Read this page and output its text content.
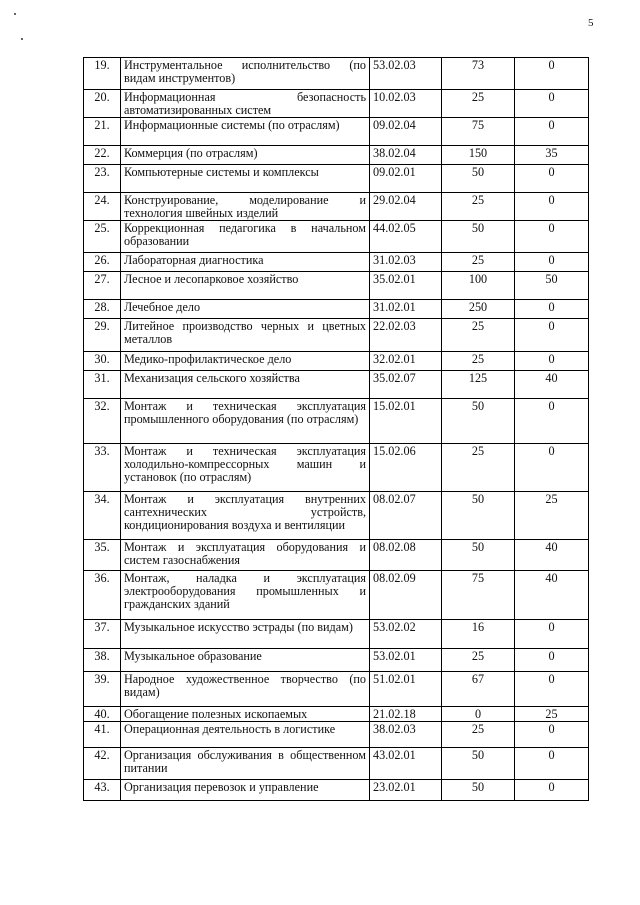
5
19.	Инструментальное исполнительство (по видам инструментов)	53.02.03	73	0
20.	Информационная безопасность автоматизированных систем	10.02.03	25	0
21.	Информационные системы (по отраслям)	09.02.04	75	0
22.	Коммерция (по отраслям)	38.02.04	150	35
23.	Компьютерные системы и комплексы	09.02.01	50	0
24.	Конструирование, моделирование и технология швейных изделий	29.02.04	25	0
25.	Коррекционная педагогика в начальном образовании	44.02.05	50	0
26.	Лабораторная диагностика	31.02.03	25	0
27.	Лесное и лесопарковое хозяйство	35.02.01	100	50
28.	Лечебное дело	31.02.01	250	0
29.	Литейное производство черных и цветных металлов	22.02.03	25	0
30.	Медико-профилактическое дело	32.02.01	25	0
31.	Механизация сельского хозяйства	35.02.07	125	40
32.	Монтаж и техническая эксплуатация промышленного оборудования (по отраслям)	15.02.01	50	0
33.	Монтаж и техническая эксплуатация холодильно-компрессорных машин и установок (по отраслям)	15.02.06	25	0
34.	Монтаж и эксплуатация внутренних сантехнических устройств, кондиционирования воздуха и вентиляции	08.02.07	50	25
35.	Монтаж и эксплуатация оборудования и систем газоснабжения	08.02.08	50	40
36.	Монтаж, наладка и эксплуатация электрооборудования промышленных и гражданских зданий	08.02.09	75	40
37.	Музыкальное искусство эстрады (по видам)	53.02.02	16	0
38.	Музыкальное образование	53.02.01	25	0
39.	Народное художественное творчество (по видам)	51.02.01	67	0
40.	Обогащение полезных ископаемых	21.02.18	0	25
41.	Операционная деятельность в логистике	38.02.03	25	0
42.	Организация обслуживания в общественном питании	43.02.01	50	0
43.	Организация перевозок и управление	23.02.01	50	0
